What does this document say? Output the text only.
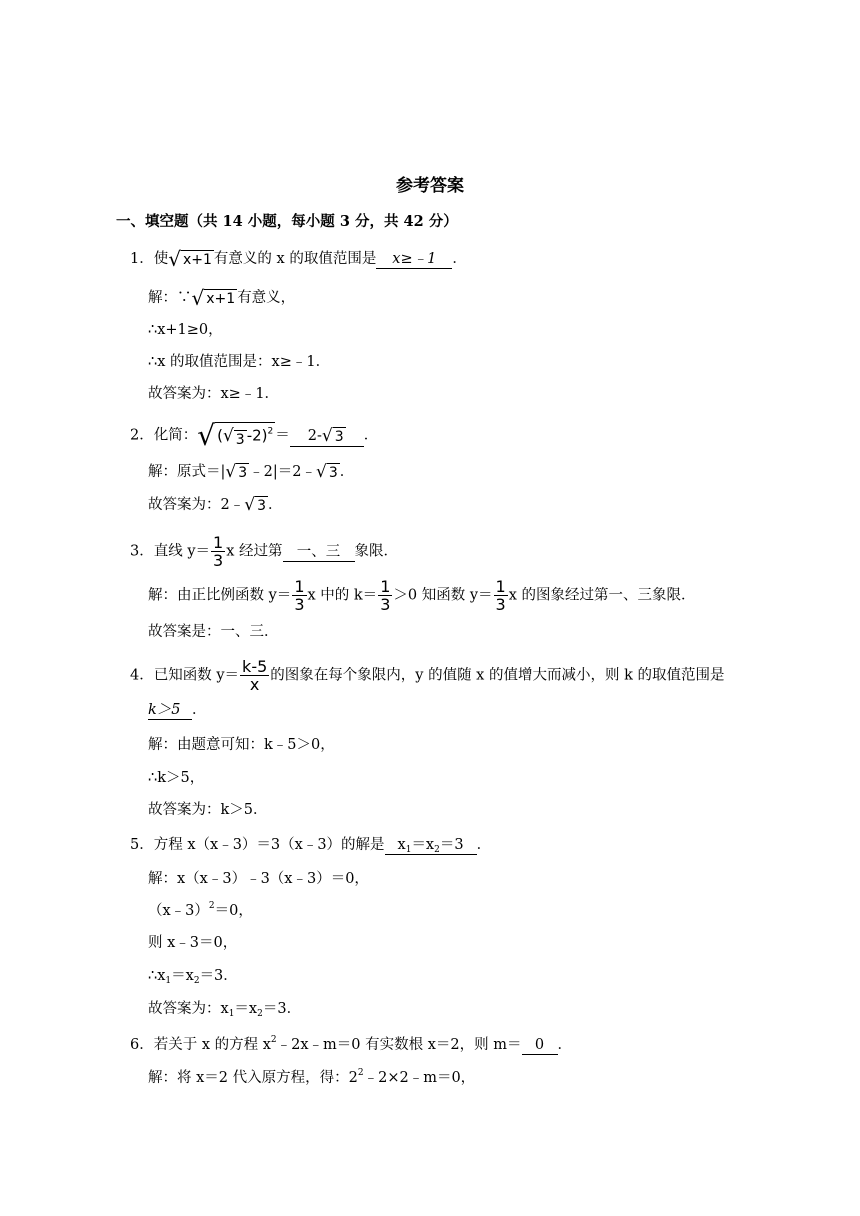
参考答案
一、填空题（共 14 小题，每小题 3 分，共 42 分）
1．使 √ x+1 有意义的 x 的取值范围是 x≥﹣1 ．
解：∵ √ x+1 有意义，
∴x+1≥0，
∴x 的取值范围是：x≥﹣1．
故答案为：x≥﹣1．
2．化简： √ ( √ 3 -2)$^2$ ＝ 2- √ 3 ．
解：原式＝| √ 3 ﹣2|＝2﹣ √ 3 ．
故答案为：2﹣ √ 3 ．
3．直线 $y= \frac{1}{3}$ x 经过第 一、三 象限．
解：由正比例函数 $y= \frac{1}{3}$ x 中的 $k= \frac{1}{3} >0$ 知函数 $y= \frac{1}{3}$ x 的图象经过第一、三象限．
故答案是：一、三．
4．已知函数 $y= \frac{k-5}{x}$ 的图象在每个象限内，y 的值随 x 的值增大而减小，则 k 的取值范围是
k＞5 ．
解：由题意可知：k﹣5＞0，
∴k＞5，
故答案为：k＞5．
5．方程 x（x﹣3）＝3（x﹣3）的解是 $x_1=x_2=3$ ．
解：x（x﹣3）﹣3（x﹣3）＝0，
（x﹣3）$^2$＝0，
则 x﹣3＝0，
$\therefore x_1=x_2=3$．
故答案为：$x_1=x_2=3$．
6．若关于 x 的方程 $x^2﹣2x﹣m=0$ 有实数根 x＝2，则 m＝ 0 ．
解：将 x＝2 代入原方程，得：$2^2﹣2\times 2﹣m=0$，
